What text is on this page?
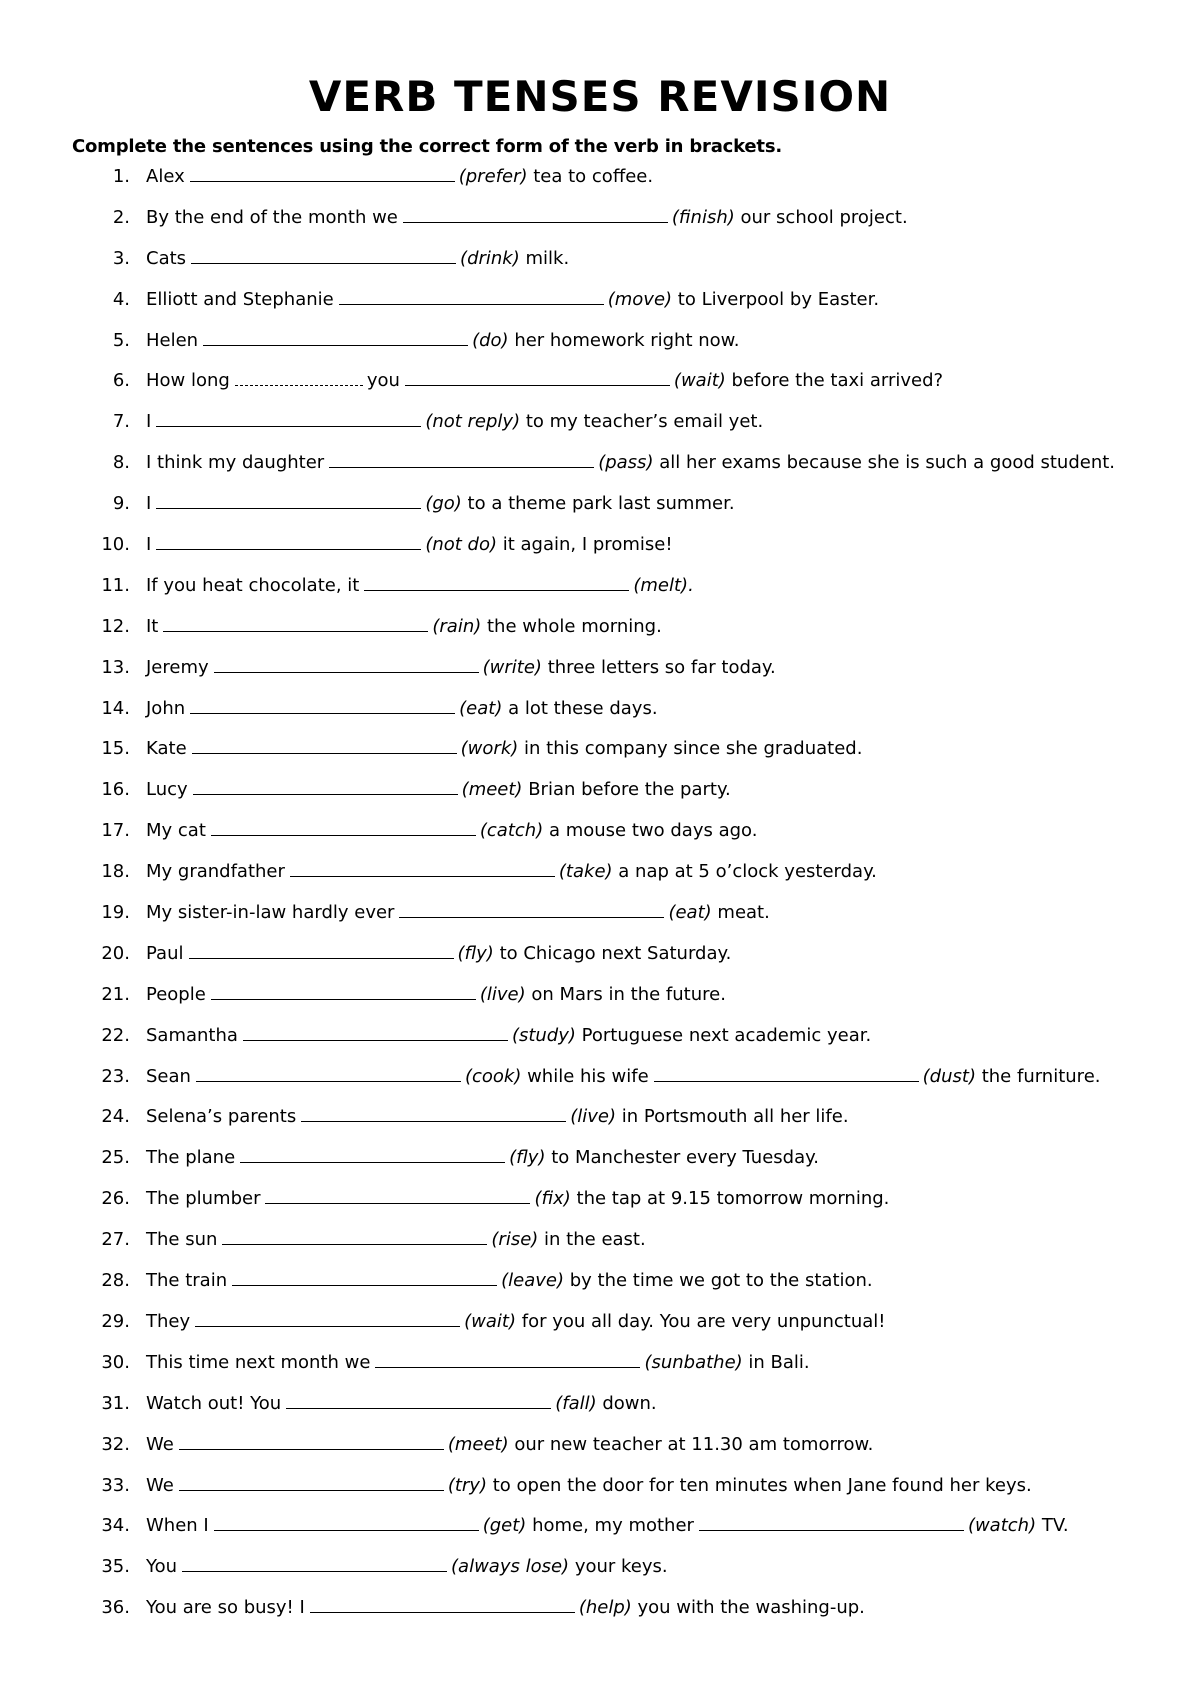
VERB TENSES REVISION

Complete the sentences using the correct form of the verb in brackets.

1. Alex	(prefer) tea to coffee.
2. By the end of the month we	(finish) our school project.
3. Cats	(drink) milk.
4. Elliott and Stephanie	(move) to Liverpool by Easter.
5. Helen	(do) her homework right now.
6. How long	you	(wait) before the taxi arrived?
7. I	(not reply) to my teacher’s email yet.
8. I think my daughter	(pass) all her exams because she is such a good student.
9. I	(go) to a theme park last summer.
10. I	(not do) it again, I promise!
11. If you heat chocolate, it	(melt).
12. It	(rain) the whole morning.
13. Jeremy	(write) three letters so far today.
14. John	(eat) a lot these days.
15. Kate	(work) in this company since she graduated.
16. Lucy	(meet) Brian before the party.
17. My cat	(catch) a mouse two days ago.
18. My grandfather	(take) a nap at 5 o’clock yesterday.
19. My sister-in-law hardly ever	(eat) meat.
20. Paul	(fly) to Chicago next Saturday.
21. People	(live) on Mars in the future.
22. Samantha	(study) Portuguese next academic year.
23. Sean	(cook) while his wife	(dust) the furniture.
24. Selena’s parents	(live) in Portsmouth all her life.
25. The plane	(fly) to Manchester every Tuesday.
26. The plumber	(fix) the tap at 9.15 tomorrow morning.
27. The sun	(rise) in the east.
28. The train	(leave) by the time we got to the station.
29. They	(wait) for you all day. You are very unpunctual!
30. This time next month we	(sunbathe) in Bali.
31. Watch out! You	(fall) down.
32. We	(meet) our new teacher at 11.30 am tomorrow.
33. We	(try) to open the door for ten minutes when Jane found her keys.
34. When I	(get) home, my mother	(watch) TV.
35. You	(always lose) your keys.
36. You are so busy! I	(help) you with the washing-up.
